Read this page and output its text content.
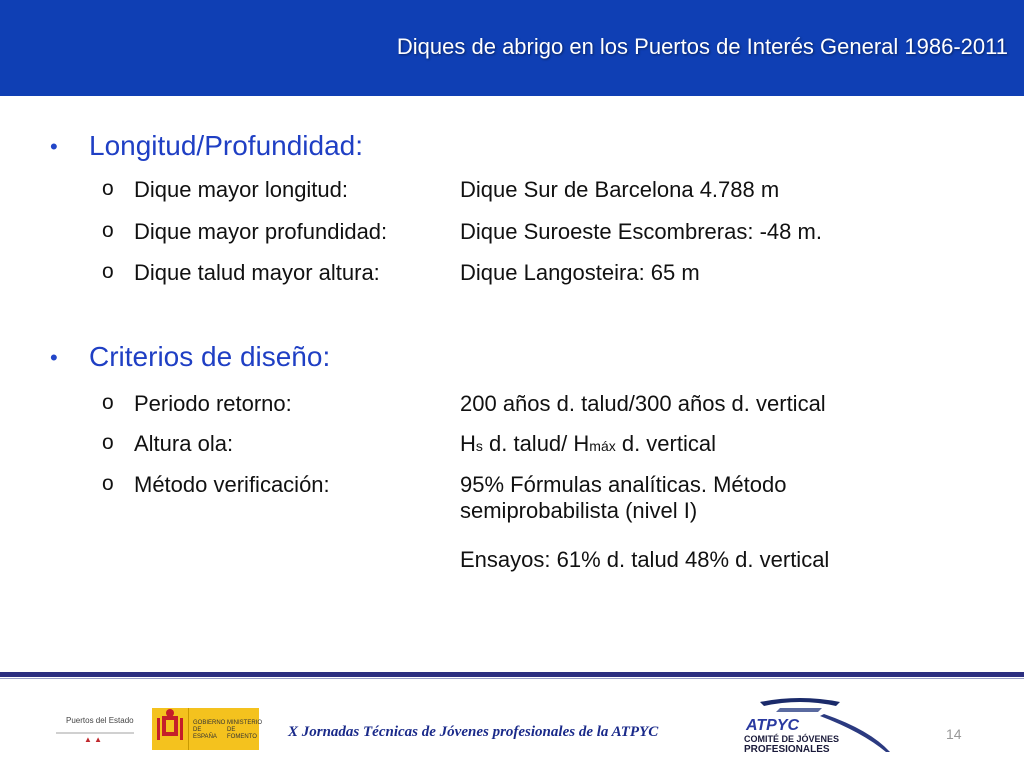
Diques de abrigo en los Puertos de Interés General 1986-2011
• Longitud/Profundidad:
o Dique mayor longitud:	Dique Sur de Barcelona 4.788 m
o Dique mayor profundidad:	Dique Suroeste Escombreras: -48 m.
o Dique talud mayor altura:	Dique Langosteira: 65 m
• Criterios de diseño:
o Periodo retorno:	200 años d. talud/300 años d. vertical
o Altura ola:	Hs d. talud/ Hmáx d. vertical
o Método verificación:	95% Fórmulas analíticas. Método
semiprobabilista (nivel I)
Ensayos: 61% d. talud 48% d. vertical
Puertos del Estado
▲ ▲
GOBIERNO DE ESPAÑA
MINISTERIO DE FOMENTO X Jornadas Técnicas de Jóvenes profesionales de la ATPYC	ATPYC
COMITÉ DE JÓVENES
PROFESIONALES
14
